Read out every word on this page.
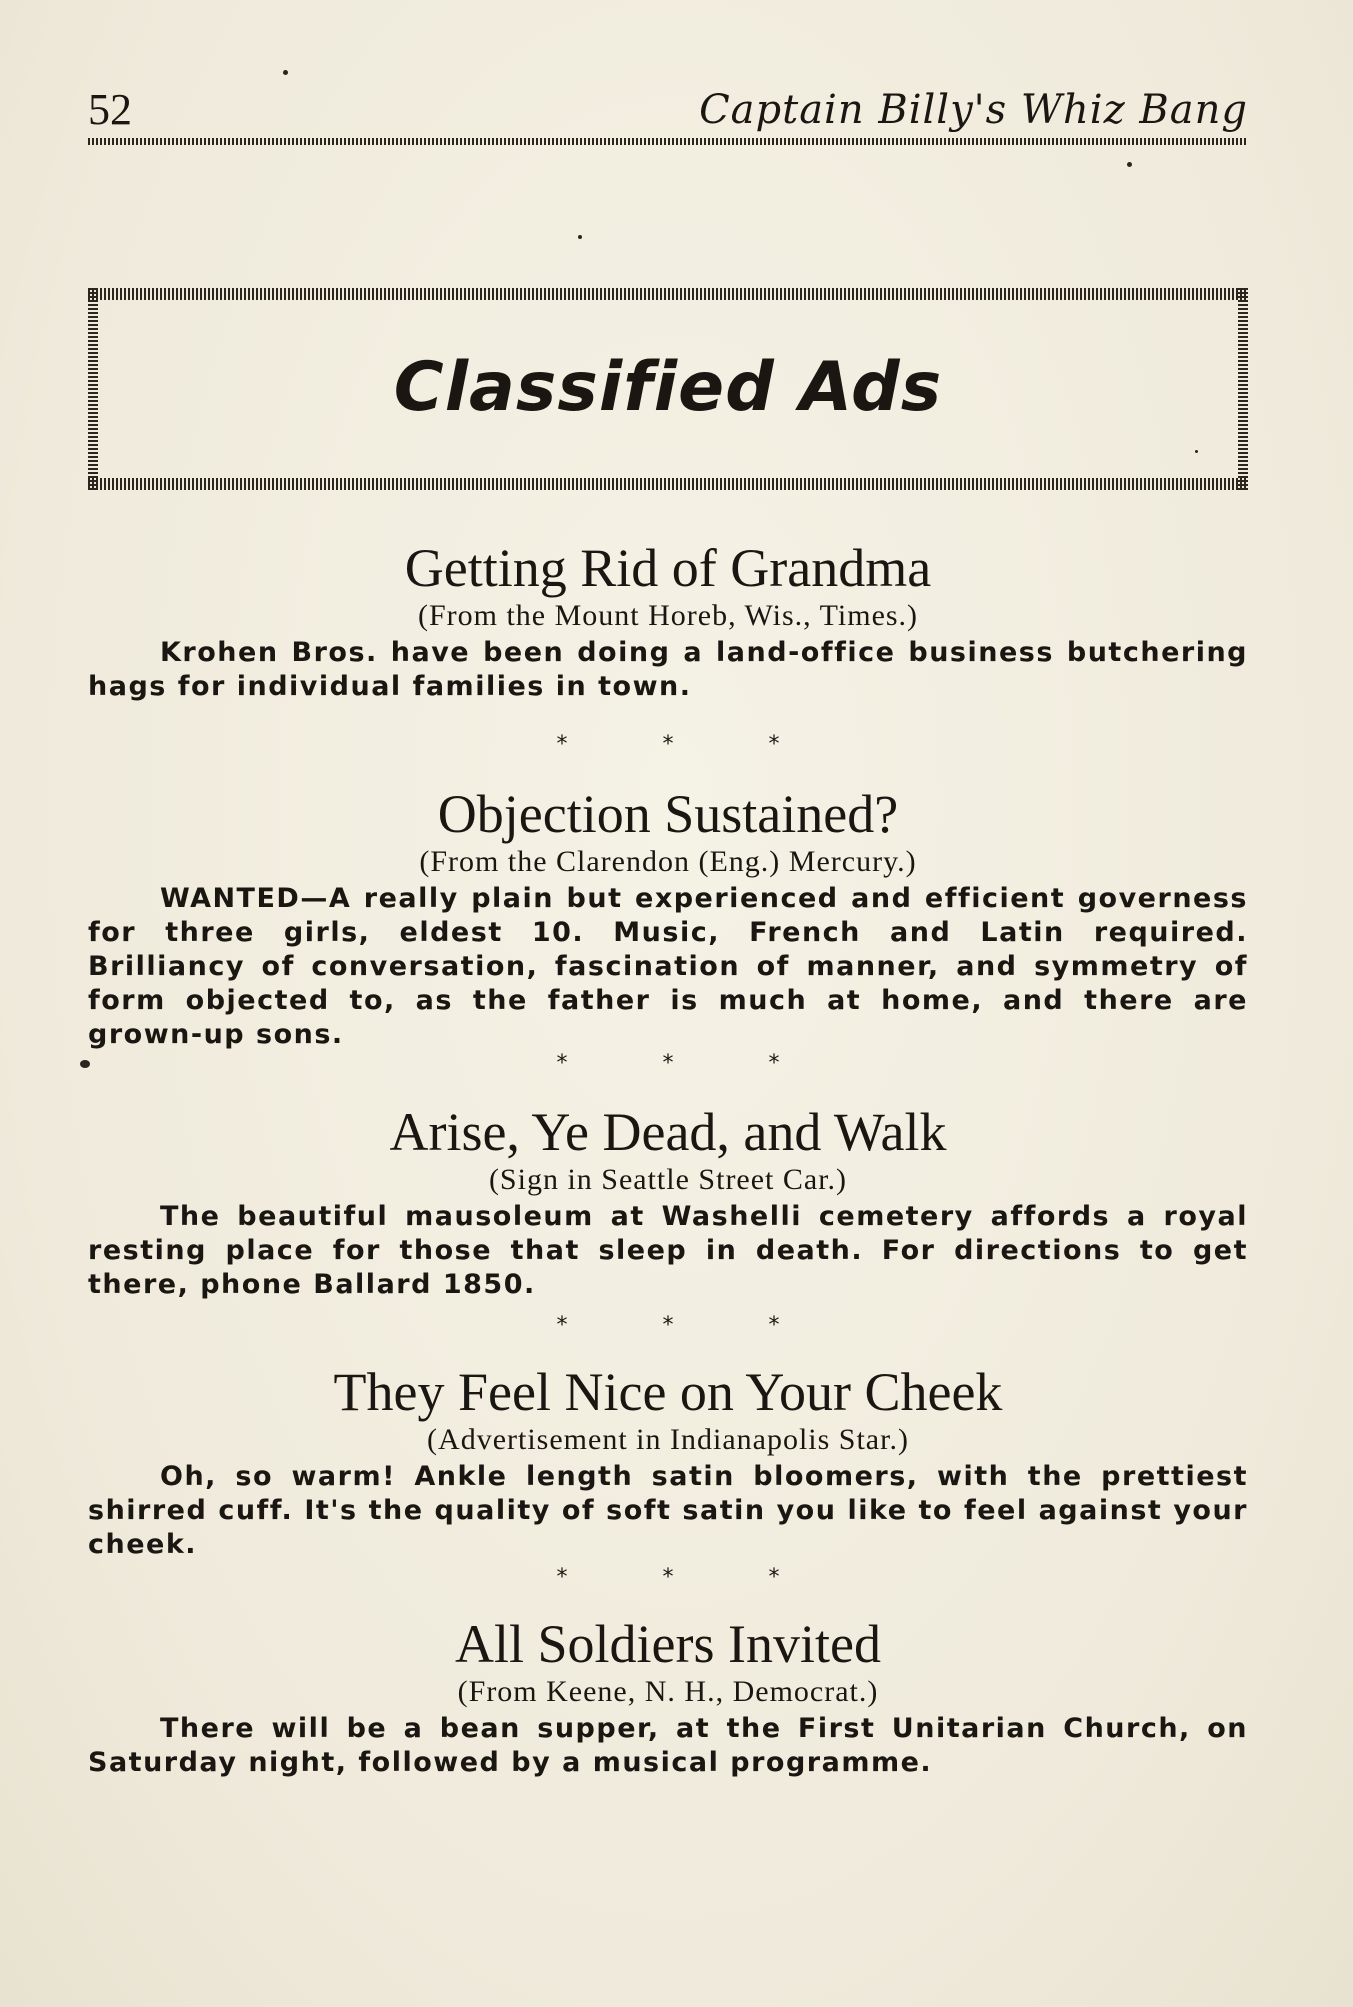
52	Captain Billy's Whiz Bang
Classified Ads
Getting Rid of Grandma

(From the Mount Horeb, Wis., Times.)

Krohen Bros. have been doing a land-office business butchering hags for individual families in town.

* * *
Objection Sustained?

(From the Clarendon (Eng.) Mercury.)

WANTED—A really plain but experienced and efficient governess for three girls, eldest 10. Music, French and Latin required. Brilliancy of conversation, fascination of manner, and symmetry of form objected to, as the father is much at home, and there are grown-up sons.

* * *
Arise, Ye Dead, and Walk

(Sign in Seattle Street Car.)

The beautiful mausoleum at Washelli cemetery affords a royal resting place for those that sleep in death. For directions to get there, phone Ballard 1850.

* * *
They Feel Nice on Your Cheek

(Advertisement in Indianapolis Star.)

Oh, so warm! Ankle length satin bloomers, with the prettiest shirred cuff. It's the quality of soft satin you like to feel against your cheek.

* * *
All Soldiers Invited

(From Keene, N. H., Democrat.)

There will be a bean supper, at the First Unitarian Church, on Saturday night, followed by a musical programme.
